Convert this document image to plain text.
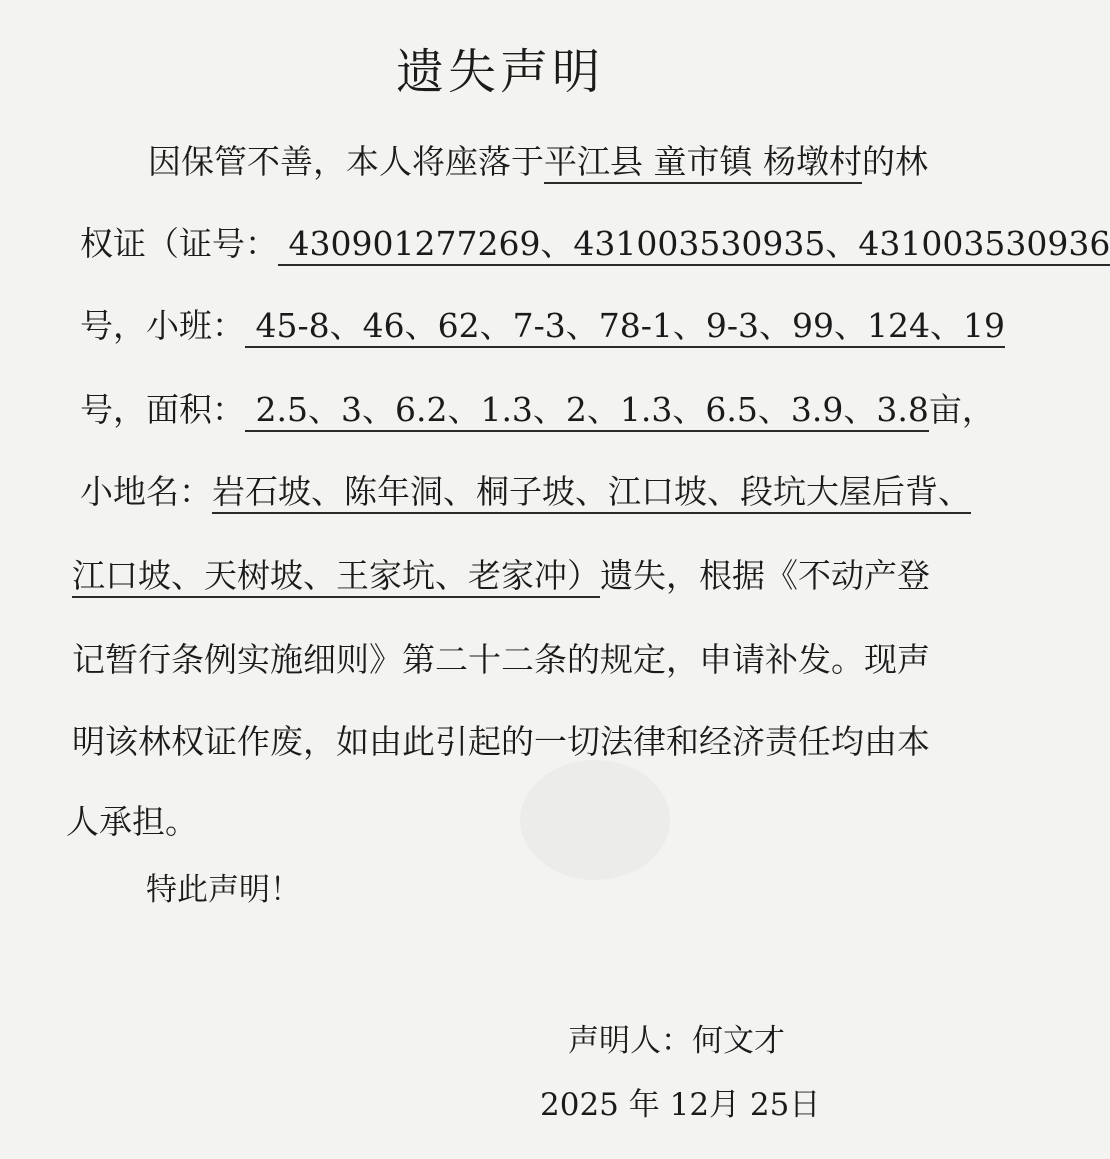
遗失声明
因保管不善，本人将座落于平江县 童市镇 杨墩村的林
权证（证号： 430901277269、431003530935、431003530936
号，小班： 45-8、46、62、7-3、78-1、9-3、99、124、19
号，面积： 2.5、3、6.2、1.3、2、1.3、6.5、3.9、3.8亩，
小地名：岩石坡、陈年洞、桐子坡、江口坡、段坑大屋后背、
江口坡、天树坡、王家坑、老家冲）遗失，根据《不动产登
记暂行条例实施细则》第二十二条的规定，申请补发。现声
明该林权证作废，如由此引起的一切法律和经济责任均由本
人承担。
特此声明！
声明人：何文才
2025 年 12月 25日
